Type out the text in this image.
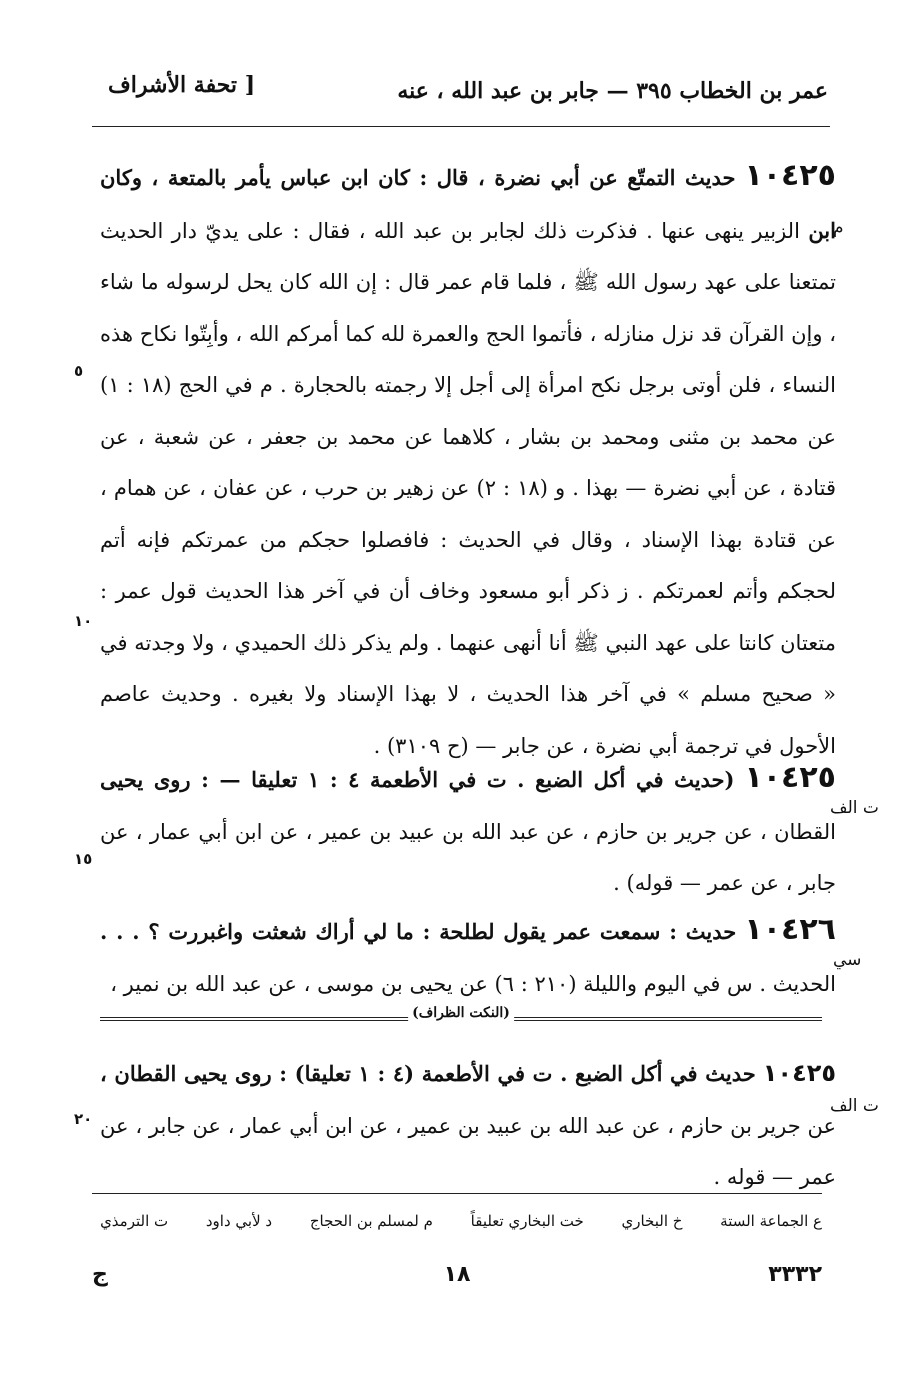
عمر بن الخطاب ٣٩٥ — جابر بن عبد الله ، عنه
[ تحفة الأشراف

١٠٤٢٥ حديث التمتّع عن أبي نضرة ، قال : كان ابن عباس يأمر بالمتعة ، وكان ابن الزبير ينهى عنها . فذكرت ذلك لجابر بن عبد الله ، فقال : على يديّ دار الحديث تمتعنا على عهد رسول الله ﷺ ، فلما قام عمر قال : إن الله كان يحل لرسوله ما شاء ، وإن القرآن قد نزل منازله ، فأتموا الحج والعمرة لله كما أمركم الله ، وأبِتّوا نكاح هذه النساء ، فلن أوتى برجل نكح امرأة إلى أجل إلا رجمته بالحجارة . م في الحج (١٨ : ١) عن محمد بن مثنى ومحمد بن بشار ، كلاهما عن محمد بن جعفر ، عن شعبة ، عن قتادة ، عن أبي نضرة — بهذا . و (١٨ : ٢) عن زهير بن حرب ، عن عفان ، عن همام ، عن قتادة بهذا الإسناد ، وقال في الحديث : فافصلوا حجكم من عمرتكم فإنه أتم لحجكم وأتم لعمرتكم . ز ذكر أبو مسعود وخاف أن في آخر هذا الحديث قول عمر : متعتان كانتا على عهد النبي ﷺ أنا أنهى عنهما . ولم يذكر ذلك الحميدي ، ولا وجدته في « صحيح مسلم » في آخر هذا الحديث ، لا بهذا الإسناد ولا بغيره . وحديث عاصم الأحول في ترجمة أبي نضرة ، عن جابر — (ح ٣١٠٩) .

م

١٠٤٢٥ (حديث في أكل الضبع . ت في الأطعمة ٤ : ١ تعليقا — : روى يحيى القطان ، عن جرير بن حازم ، عن عبد الله بن عبيد بن عمير ، عن ابن أبي عمار ، عن جابر ، عن عمر — قوله) .

ت الف

١٠٤٢٦ حديث : سمعت عمر يقول لطلحة : ما لي أراك شعثت واغبررت ؟ . . . الحديث . س في اليوم والليلة (٢١٠ : ٦) عن يحيى بن موسى ، عن عبد الله بن نمير ،

سي
(النكت الظراف)

١٠٤٢٥ حديث في أكل الضبع . ت في الأطعمة (٤ : ١ تعليقا) : روى يحيى القطان ، عن جرير بن حازم ، عن عبد الله بن عبيد بن عمير ، عن ابن أبي عمار ، عن جابر ، عن عمر — قوله .

ت الف
٥
١٠
١٥
٢٠
ع الجماعة الستة
خ البخاري
خت البخاري تعليقاً
م لمسلم بن الحجاج
د لأبي داود
ت الترمذي
٣٣٣٢
١٨
ج
